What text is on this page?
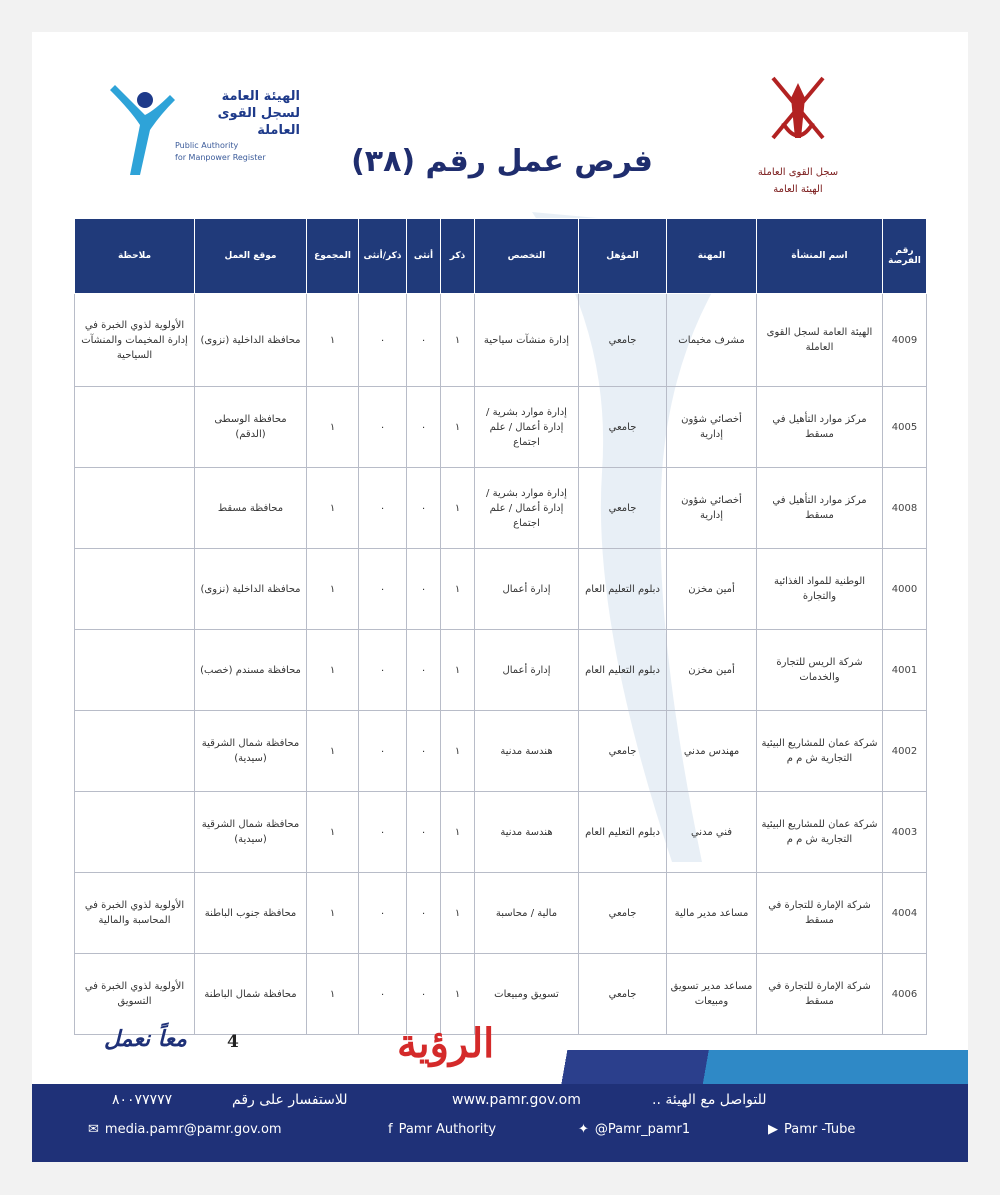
الهيئة العامة
لسجل القوى العاملة
Public Authority
for Manpower Register
سجل القوى العاملة
الهيئة العامة
فرص عمل رقم (٣٨)
رقم الفرصة	اسم المنشأة	المهنة	المؤهل	التخصص	ذكر	أنثى	ذكر/أنثى	المجموع	موقع العمل	ملاحظة
4009	الهيئة العامة لسجل القوى العاملة	مشرف مخيمات	جامعي	إدارة منشآت سياحية	١	٠	٠	١	محافظة الداخلية (نزوى)	الأولوية لذوي الخبرة في إدارة المخيمات والمنشآت السياحية
4005	مركز موارد التأهيل في مسقط	أخصائي شؤون إدارية	جامعي	إدارة موارد بشرية / إدارة أعمال / علم اجتماع	١	٠	٠	١	محافظة الوسطى (الدقم)	
4008	مركز موارد التأهيل في مسقط	أخصائي شؤون إدارية	جامعي	إدارة موارد بشرية / إدارة أعمال / علم اجتماع	١	٠	٠	١	محافظة مسقط	
4000	الوطنية للمواد الغذائية والتجارة	أمين مخزن	دبلوم التعليم العام	إدارة أعمال	١	٠	٠	١	محافظة الداخلية (نزوى)	
4001	شركة الريس للتجارة والخدمات	أمين مخزن	دبلوم التعليم العام	إدارة أعمال	١	٠	٠	١	محافظة مسندم (خصب)	
4002	شركة عمان للمشاريع البيئية التجارية ش م م	مهندس مدني	جامعي	هندسة مدنية	١	٠	٠	١	محافظة شمال الشرقية (سيدية)	
4003	شركة عمان للمشاريع البيئية التجارية ش م م	فني مدني	دبلوم التعليم العام	هندسة مدنية	١	٠	٠	١	محافظة شمال الشرقية (سيدية)	
4004	شركة الإمارة للتجارة في مسقط	مساعد مدير مالية	جامعي	مالية / محاسبة	١	٠	٠	١	محافظة جنوب الباطنة	الأولوية لذوي الخبرة في المحاسبة والمالية
4006	شركة الإمارة للتجارة في مسقط	مساعد مدير تسويق ومبيعات	جامعي	تسويق ومبيعات	١	٠	٠	١	محافظة شمال الباطنة	الأولوية لذوي الخبرة في التسويق
معاً نعمل 4	الرؤية
٨٠٠٧٧٧٧٧	للاستفسار على رقم	www.pamr.gov.om	للتواصل مع الهيئة ..
✉ media.pamr@pamr.gov.om	f Pamr Authority	✦ @Pamr_pamr1	▶ Pamr -Tube
